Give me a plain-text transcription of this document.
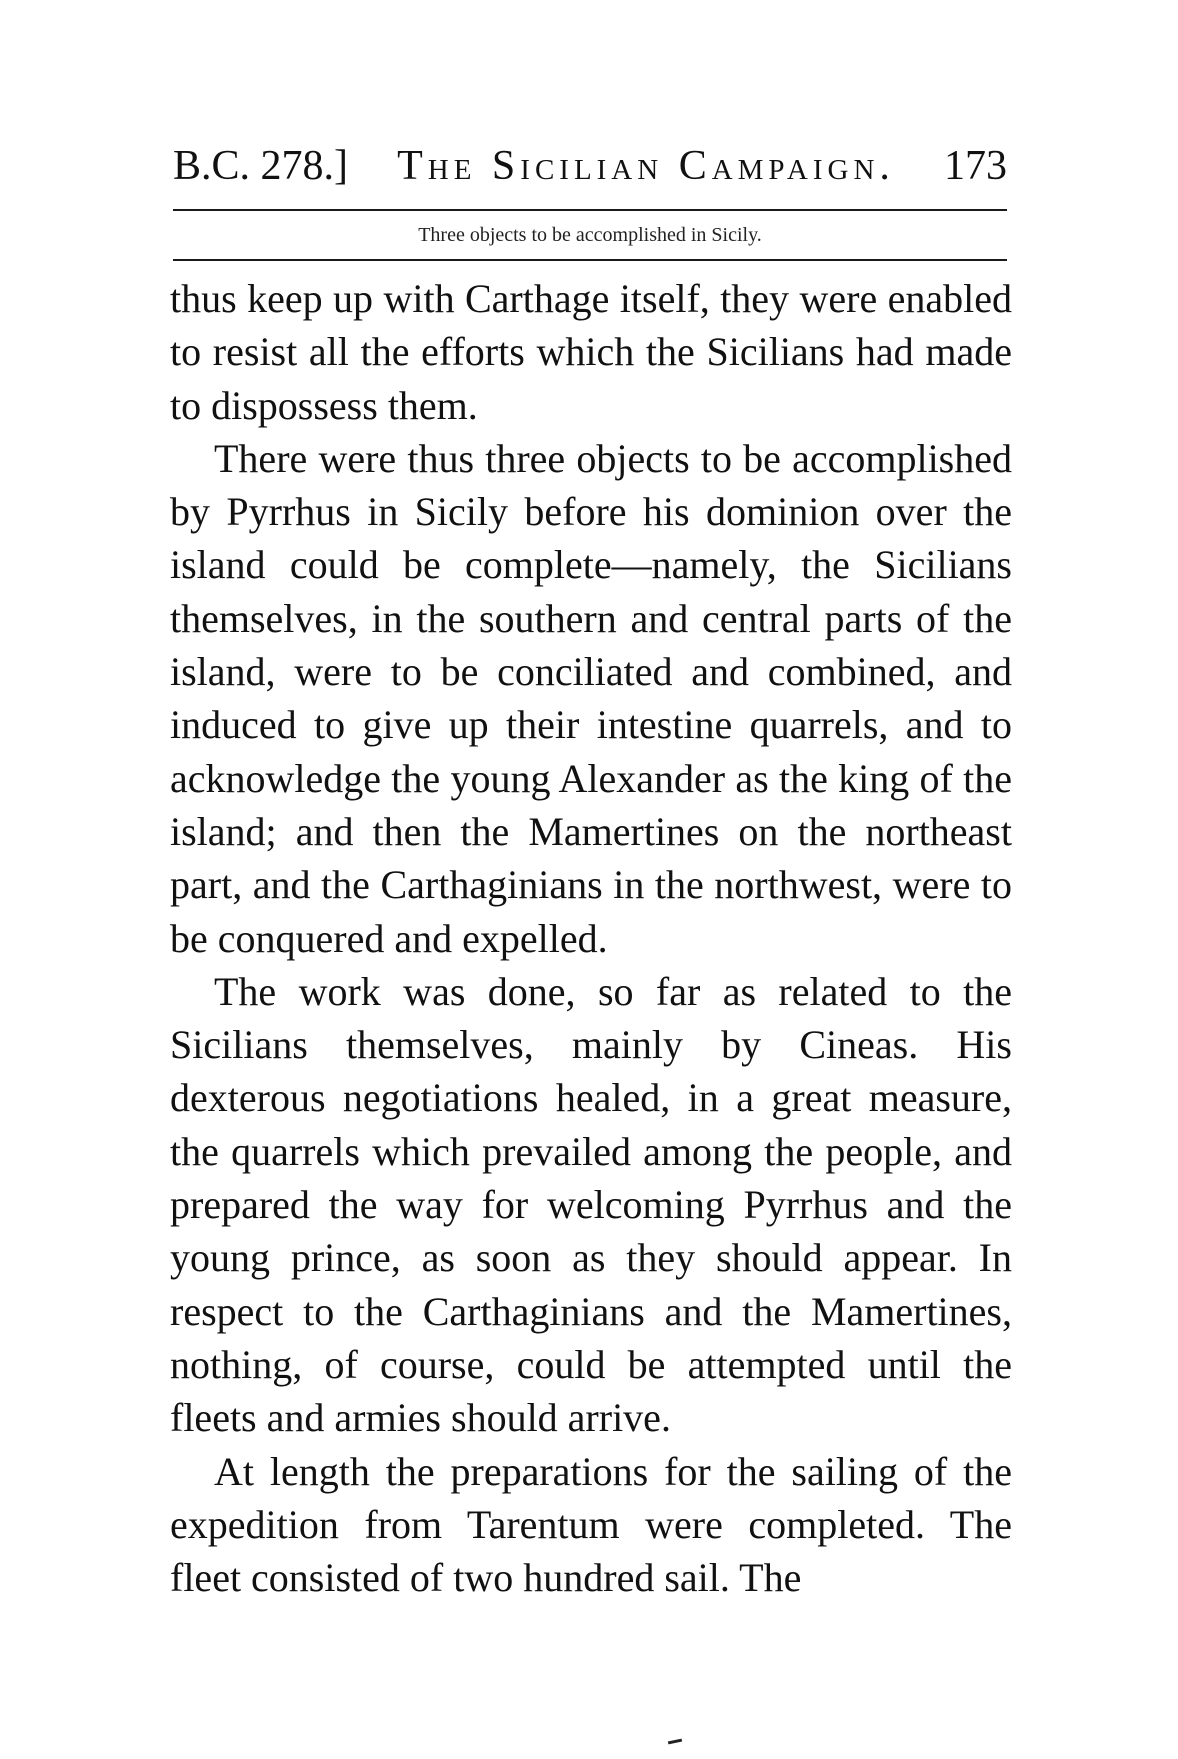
B.C. 278.]	The Sicilian Campaign.	173
Three objects to be accomplished in Sicily.

thus keep up with Carthage itself, they were enabled to resist all the efforts which the Sicilians had made to dispossess them.

There were thus three objects to be accomplished by Pyrrhus in Sicily before his dominion over the island could be complete—namely, the Sicilians themselves, in the southern and central parts of the island, were to be conciliated and combined, and induced to give up their intestine quarrels, and to acknowledge the young Alexander as the king of the island; and then the Mamertines on the northeast part, and the Carthaginians in the northwest, were to be conquered and expelled.

The work was done, so far as related to the Sicilians themselves, mainly by Cineas. His dexterous negotiations healed, in a great measure, the quarrels which prevailed among the people, and prepared the way for welcoming Pyrrhus and the young prince, as soon as they should appear. In respect to the Carthaginians and the Mamertines, nothing, of course, could be attempted until the fleets and armies should arrive.

At length the preparations for the sailing of the expedition from Tarentum were completed. The fleet consisted of two hundred sail. The
